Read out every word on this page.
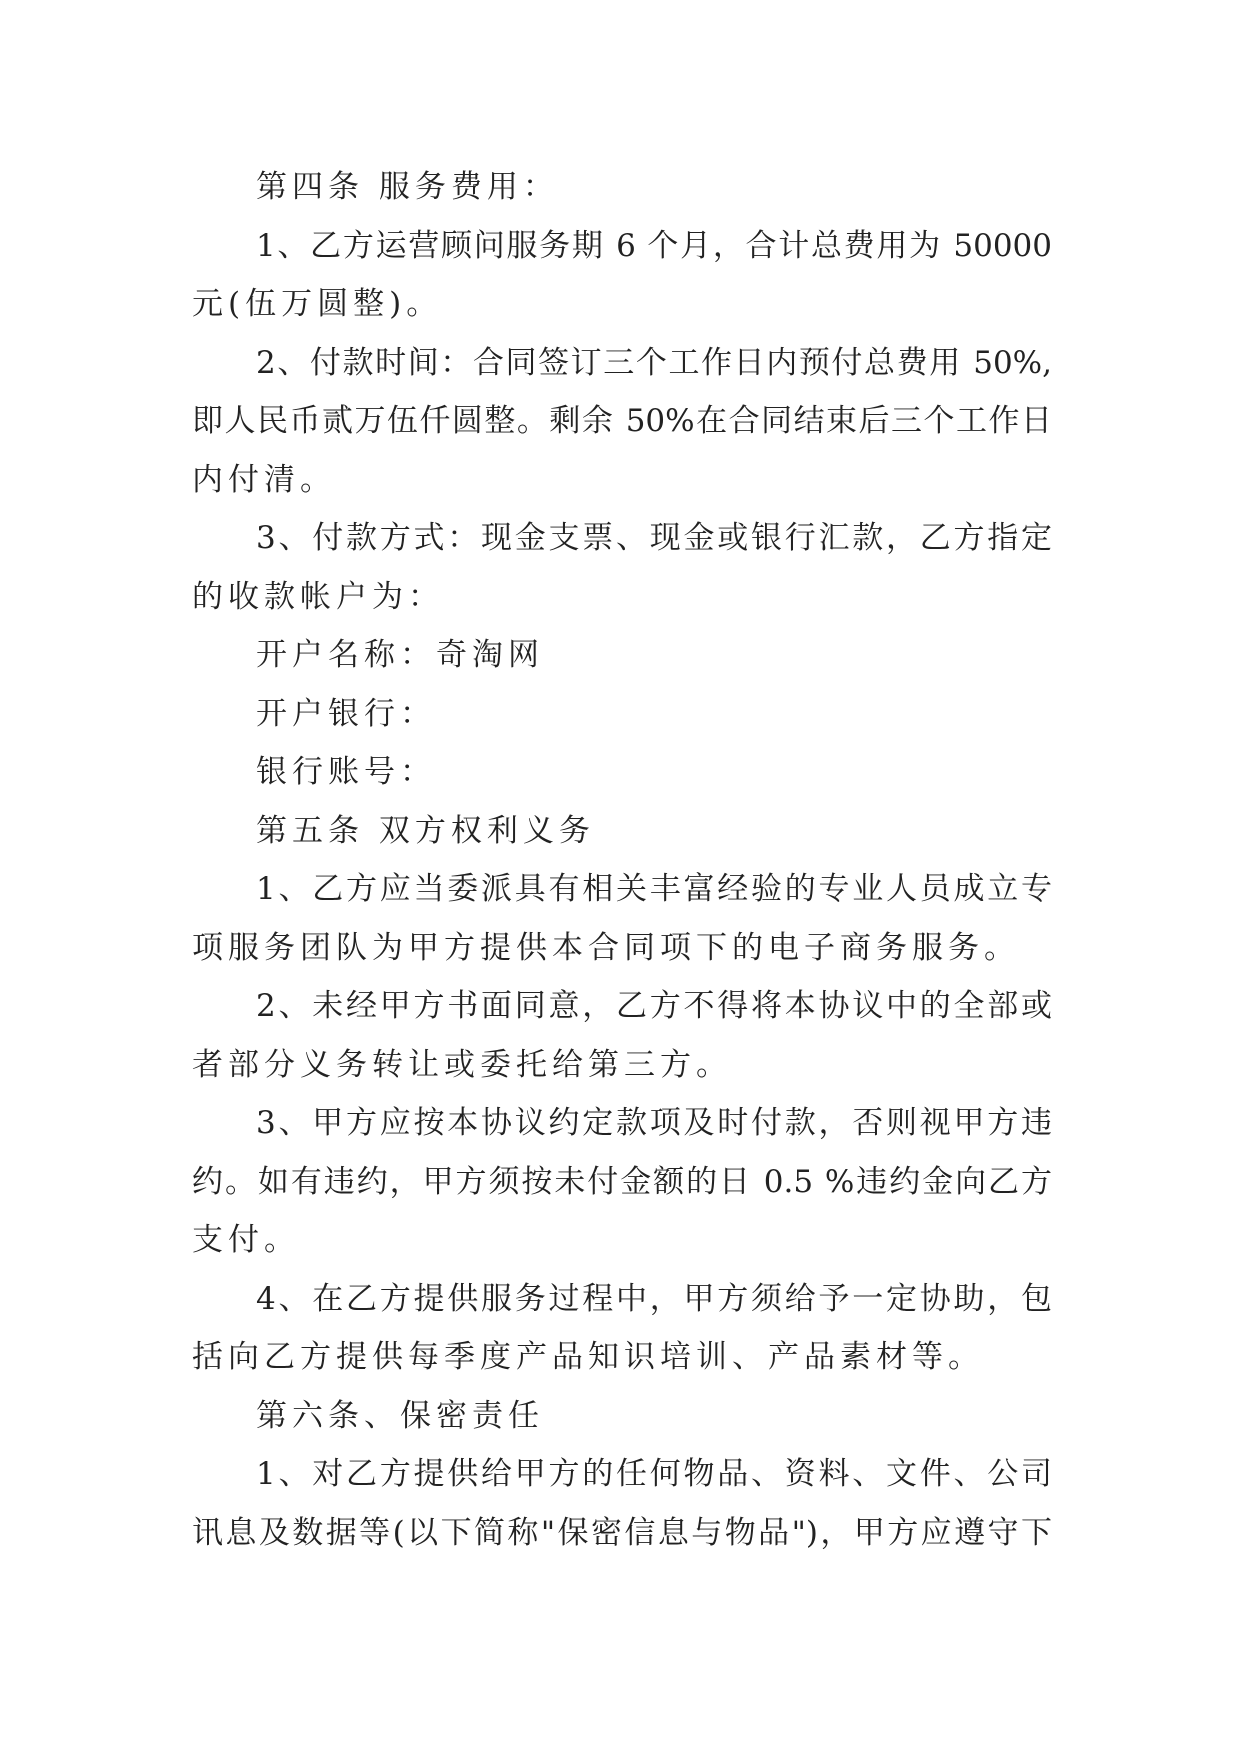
第四条 服务费用：
1、乙方运营顾问服务期 6 个月，合计总费用为 50000
元(伍万圆整)。
2、付款时间：合同签订三个工作日内预付总费用 50%,
即人民币贰万伍仟圆整。剩余 50%在合同结束后三个工作日
内付清。
3、付款方式：现金支票、现金或银行汇款，乙方指定
的收款帐户为：
开户名称：奇淘网
开户银行：
银行账号：
第五条 双方权利义务
1、乙方应当委派具有相关丰富经验的专业人员成立专
项服务团队为甲方提供本合同项下的电子商务服务。
2、未经甲方书面同意，乙方不得将本协议中的全部或
者部分义务转让或委托给第三方。
3、甲方应按本协议约定款项及时付款，否则视甲方违
约。如有违约，甲方须按未付金额的日 0.5 %违约金向乙方
支付。
4、在乙方提供服务过程中，甲方须给予一定协助，包
括向乙方提供每季度产品知识培训、产品素材等。
第六条、保密责任
1、对乙方提供给甲方的任何物品、资料、文件、公司
讯息及数据等(以下简称"保密信息与物品")，甲方应遵守下
